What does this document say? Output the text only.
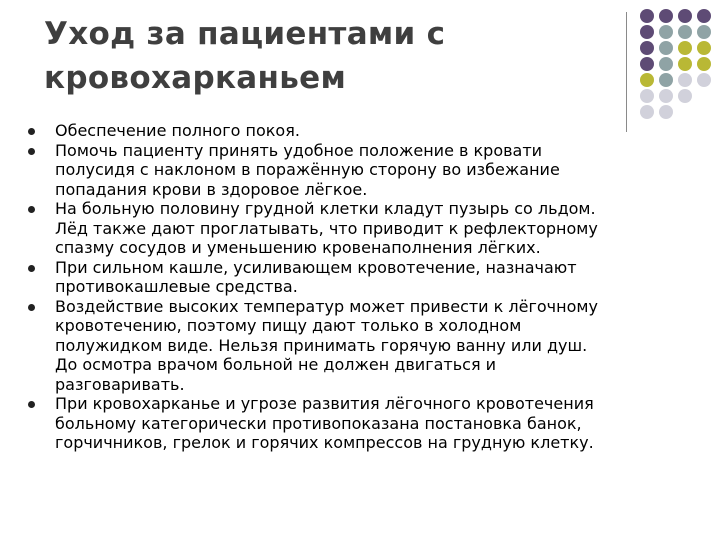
Уход за пациентами с
кровохарканьем
Обеспечение полного покоя.
Помочь пациенту принять удобное положение в кровати
полусидя с наклоном в поражённую сторону во избежание
попадания крови в здоровое лёгкое.
На больную половину грудной клетки кладут пузырь со льдом.
Лёд также дают проглатывать, что приводит к рефлекторному
спазму сосудов и уменьшению кровенаполнения лёгких.
При сильном кашле, усиливающем кровотечение, назначают
противокашлевые средства.
Воздействие высоких температур может привести к лёгочному
кровотечению, поэтому пищу дают только в холодном
полужидком виде. Нельзя принимать горячую ванну или душ.
До осмотра врачом больной не должен двигаться и
разговаривать.
При кровохарканье и угрозе развития лёгочного кровотечения
больному категорически противопоказана постановка банок,
горчичников, грелок и горячих компрессов на грудную клетку.
